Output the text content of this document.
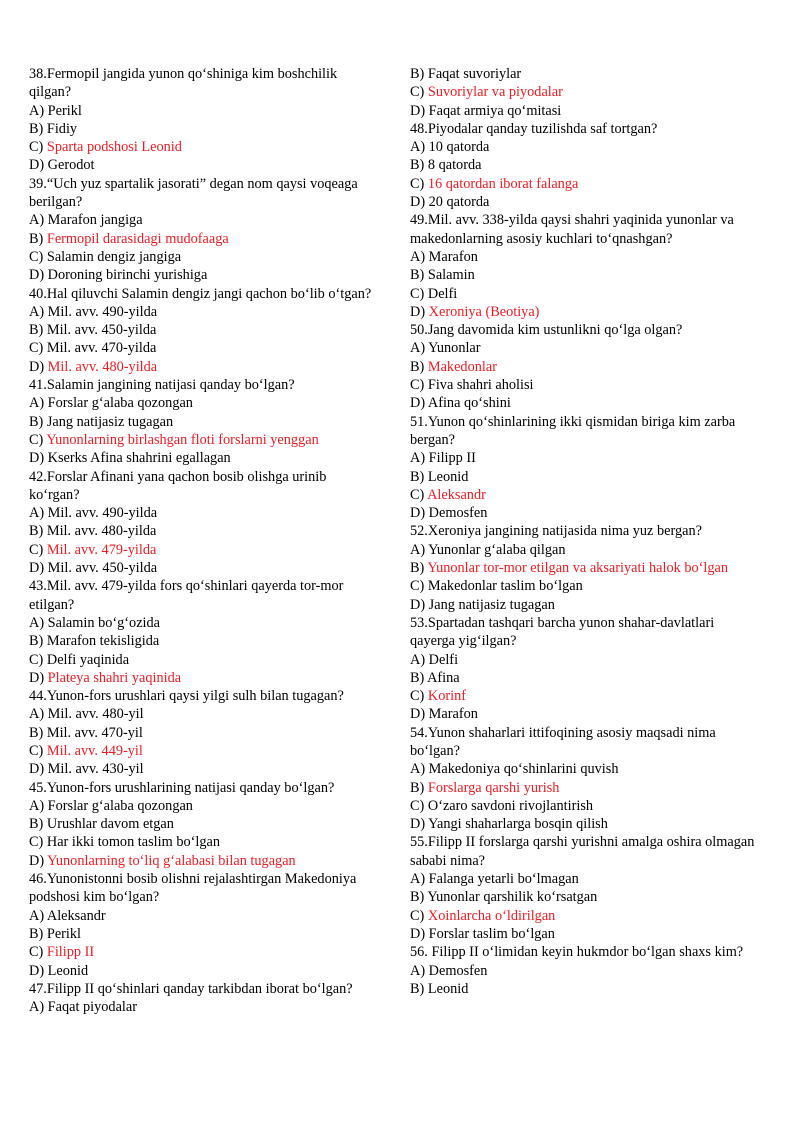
38.Fermopil jangida yunon qoʻshiniga kim boshchilik
qilgan?
A) Perikl
B) Fidiy
C) Sparta podshosi Leonid
D) Gerodot
39.“Uch yuz spartalik jasorati” degan nom qaysi voqeaga
berilgan?
A) Marafon jangiga
B) Fermopil darasidagi mudofaaga
C) Salamin dengiz jangiga
D) Doroning birinchi yurishiga
40.Hal qiluvchi Salamin dengiz jangi qachon boʻlib oʻtgan?
A) Mil. avv. 490-yilda
B) Mil. avv. 450-yilda
C) Mil. avv. 470-yilda
D) Mil. avv. 480-yilda
41.Salamin jangining natijasi qanday boʻlgan?
A) Forslar gʻalaba qozongan
B) Jang natijasiz tugagan
C) Yunonlarning birlashgan floti forslarni yenggan
D) Kserks Afina shahrini egallagan
42.Forslar Afinani yana qachon bosib olishga urinib
koʻrgan?
A) Mil. avv. 490-yilda
B) Mil. avv. 480-yilda
C) Mil. avv. 479-yilda
D) Mil. avv. 450-yilda
43.Mil. avv. 479-yilda fors qoʻshinlari qayerda tor-mor
etilgan?
A) Salamin boʻgʻozida
B) Marafon tekisligida
C) Delfi yaqinida
D) Plateya shahri yaqinida
44.Yunon-fors urushlari qaysi yilgi sulh bilan tugagan?
A) Mil. avv. 480-yil
B) Mil. avv. 470-yil
C) Mil. avv. 449-yil
D) Mil. avv. 430-yil
45.Yunon-fors urushlarining natijasi qanday boʻlgan?
A) Forslar gʻalaba qozongan
B) Urushlar davom etgan
C) Har ikki tomon taslim boʻlgan
D) Yunonlarning toʻliq gʻalabasi bilan tugagan
46.Yunonistonni bosib olishni rejalashtirgan Makedoniya
podshosi kim boʻlgan?
A) Aleksandr
B) Perikl
C) Filipp II
D) Leonid
47.Filipp II qoʻshinlari qanday tarkibdan iborat boʻlgan?
A) Faqat piyodalar
B) Faqat suvoriylar
C) Suvoriylar va piyodalar
D) Faqat armiya qoʻmitasi
48.Piyodalar qanday tuzilishda saf tortgan?
A) 10 qatorda
B) 8 qatorda
C) 16 qatordan iborat falanga
D) 20 qatorda
49.Mil. avv. 338-yilda qaysi shahri yaqinida yunonlar va
makedonlarning asosiy kuchlari toʻqnashgan?
A) Marafon
B) Salamin
C) Delfi
D) Xeroniya (Beotiya)
50.Jang davomida kim ustunlikni qoʻlga olgan?
A) Yunonlar
B) Makedonlar
C) Fiva shahri aholisi
D) Afina qoʻshini
51.Yunon qoʻshinlarining ikki qismidan biriga kim zarba
bergan?
A) Filipp II
B) Leonid
C) Aleksandr
D) Demosfen
52.Xeroniya jangining natijasida nima yuz bergan?
A) Yunonlar gʻalaba qilgan
B) Yunonlar tor-mor etilgan va aksariyati halok boʻlgan
C) Makedonlar taslim boʻlgan
D) Jang natijasiz tugagan
53.Spartadan tashqari barcha yunon shahar-davlatlari
qayerga yigʻilgan?
A) Delfi
B) Afina
C) Korinf
D) Marafon
54.Yunon shaharlari ittifoqining asosiy maqsadi nima
boʻlgan?
A) Makedoniya qoʻshinlarini quvish
B) Forslarga qarshi yurish
C) Oʻzaro savdoni rivojlantirish
D) Yangi shaharlarga bosqin qilish
55.Filipp II forslarga qarshi yurishni amalga oshira olmagan
sababi nima?
A) Falanga yetarli boʻlmagan
B) Yunonlar qarshilik koʻrsatgan
C) Xoinlarcha oʻldirilgan
D) Forslar taslim boʻlgan
56. Filipp II oʻlimidan keyin hukmdor boʻlgan shaxs kim?
A) Demosfen
B) Leonid
